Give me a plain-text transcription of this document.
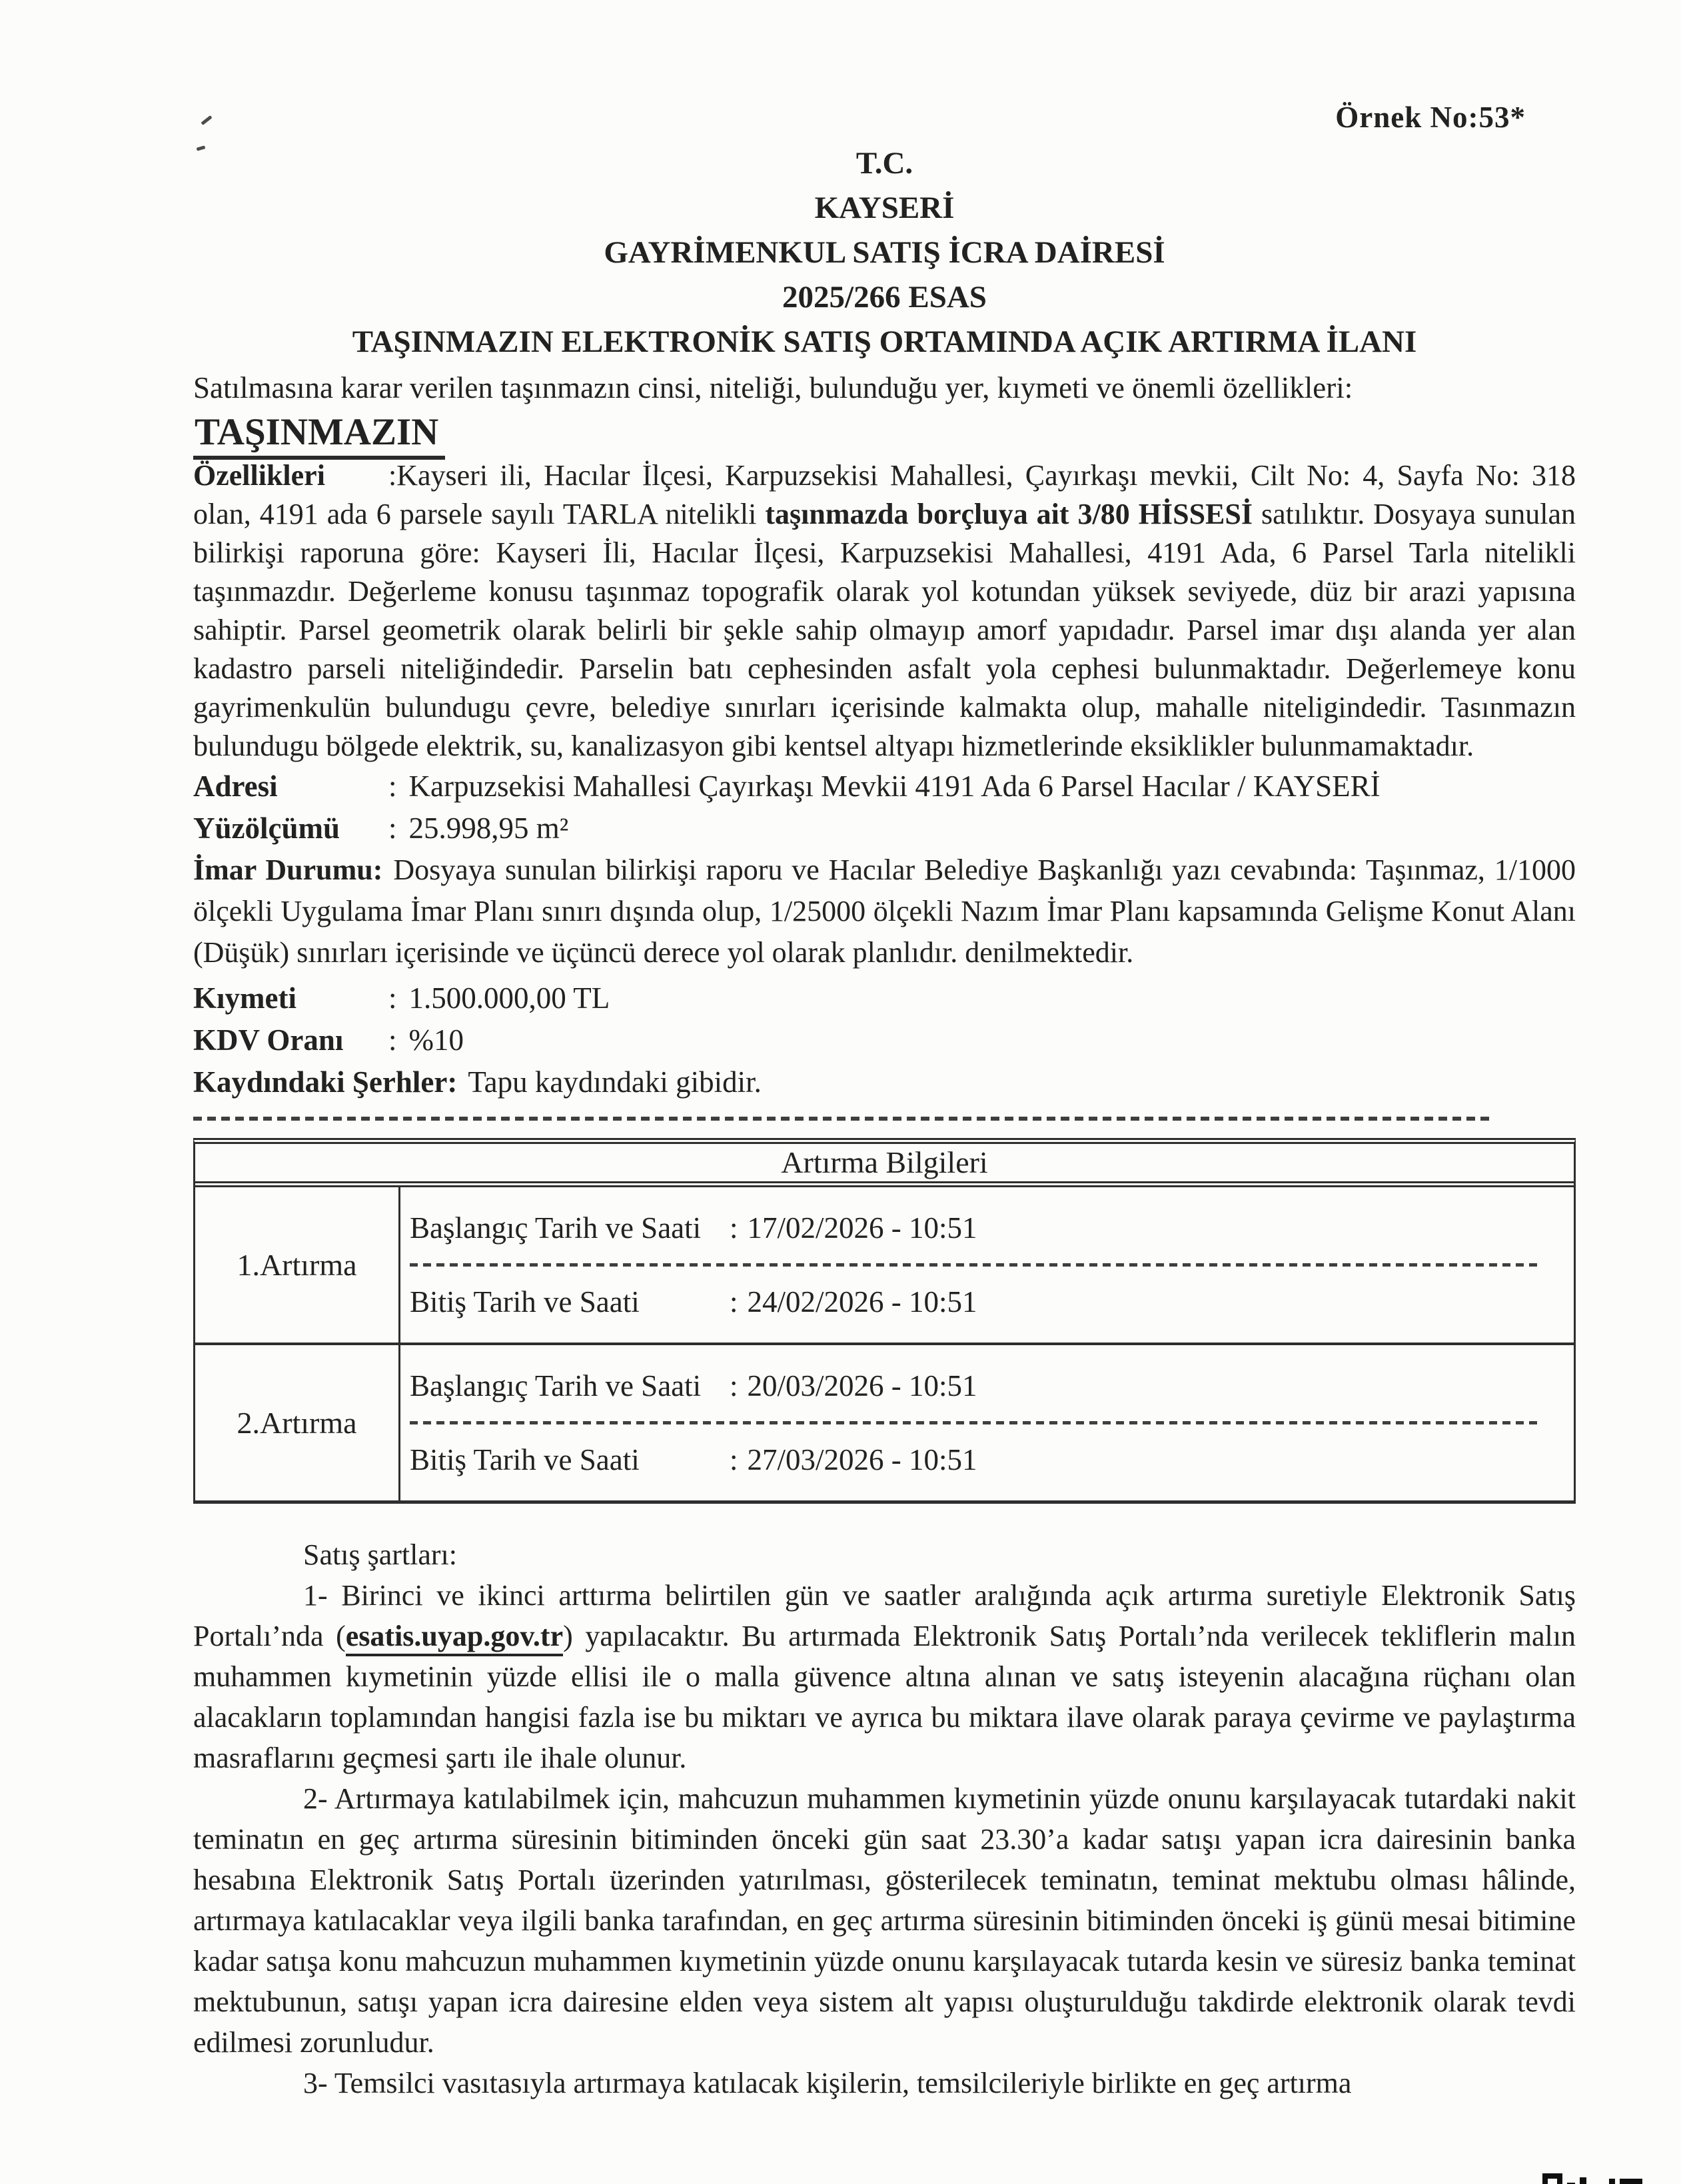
Örnek No:53*
T.C.
KAYSERİ
GAYRİMENKUL SATIŞ İCRA DAİRESİ
2025/266 ESAS
TAŞINMAZIN ELEKTRONİK SATIŞ ORTAMINDA AÇIK ARTIRMA İLANI
Satılmasına karar verilen taşınmazın cinsi, niteliği, bulunduğu yer, kıymeti ve önemli özellikleri:
TAŞINMAZIN

Özellikleri :Kayseri ili, Hacılar İlçesi, Karpuzsekisi Mahallesi, Çayırkaşı mevkii, Cilt No: 4, Sayfa No: 318 olan, 4191 ada 6 parsele sayılı TARLA nitelikli taşınmazda borçluya ait 3/80 HİSSESİ satılıktır. Dosyaya sunulan bilirkişi raporuna göre: Kayseri İli, Hacılar İlçesi, Karpuzsekisi Mahallesi, 4191 Ada, 6 Parsel Tarla nitelikli taşınmazdır. Değerleme konusu taşınmaz topografik olarak yol kotundan yüksek seviyede, düz bir arazi yapısına sahiptir. Parsel geometrik olarak belirli bir şekle sahip olmayıp amorf yapıdadır. Parsel imar dışı alanda yer alan kadastro parseli niteliğindedir. Parselin batı cephesinden asfalt yola cephesi bulunmaktadır. Değerlemeye konu gayrimenkulün bulundugu çevre, belediye sınırları içerisinde kalmakta olup, mahalle niteligindedir. Tasınmazın bulundugu bölgede elektrik, su, kanalizasyon gibi kentsel altyapı hizmetlerinde eksiklikler bulunmamaktadır.

Adresi	: Karpuzsekisi Mahallesi Çayırkaşı Mevkii 4191 Ada 6 Parsel Hacılar / KAYSERİ
Yüzölçümü : 25.998,95 m²

İmar Durumu: Dosyaya sunulan bilirkişi raporu ve Hacılar Belediye Başkanlığı yazı cevabında: Taşınmaz, 1/1000 ölçekli Uygulama İmar Planı sınırı dışında olup, 1/25000 ölçekli Nazım İmar Planı kapsamında Gelişme Konut Alanı (Düşük) sınırları içerisinde ve üçüncü derece yol olarak planlıdır. denilmektedir.

Kıymeti	: 1.500.000,00 TL
KDV Oranı : %10
Kaydındaki Şerhler: Tapu kaydındaki gibidir.
Artırma Bilgileri
1.Artırma
Başlangıç Tarih ve Saati : 17/02/2026 - 10:51
Bitiş Tarih ve Saati	: 24/02/2026 - 10:51
2.Artırma
Başlangıç Tarih ve Saati : 20/03/2026 - 10:51
Bitiş Tarih ve Saati	: 27/03/2026 - 10:51
Satış şartları:

1- Birinci ve ikinci arttırma belirtilen gün ve saatler aralığında açık artırma suretiyle Elektronik Satış Portalı’nda (esatis.uyap.gov.tr) yapılacaktır. Bu artırmada Elektronik Satış Portalı’nda verilecek tekliflerin malın muhammen kıymetinin yüzde ellisi ile o malla güvence altına alınan ve satış isteyenin alacağına rüçhanı olan alacakların toplamından hangisi fazla ise bu miktarı ve ayrıca bu miktara ilave olarak paraya çevirme ve paylaştırma masraflarını geçmesi şartı ile ihale olunur.

2- Artırmaya katılabilmek için, mahcuzun muhammen kıymetinin yüzde onunu karşılayacak tutardaki nakit teminatın en geç artırma süresinin bitiminden önceki gün saat 23.30’a kadar satışı yapan icra dairesinin banka hesabına Elektronik Satış Portalı üzerinden yatırılması, gösterilecek teminatın, teminat mektubu olması hâlinde, artırmaya katılacaklar veya ilgili banka tarafından, en geç artırma süresinin bitiminden önceki iş günü mesai bitimine kadar satışa konu mahcuzun muhammen kıymetinin yüzde onunu karşılayacak tutarda kesin ve süresiz banka teminat mektubunun, satışı yapan icra dairesine elden veya sistem alt yapısı oluşturulduğu takdirde elektronik olarak tevdi edilmesi zorunludur.

3- Temsilci vasıtasıyla artırmaya katılacak kişilerin, temsilcileriyle birlikte en geç artırma
